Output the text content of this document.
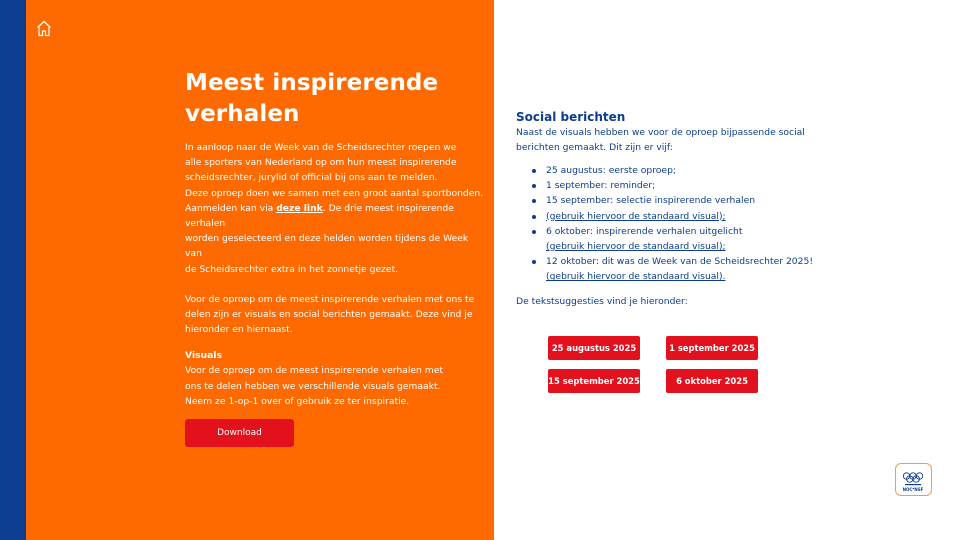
Meest inspirerende
verhalen
In aanloop naar de Week van de Scheidsrechter roepen we
alle sporters van Nederland op om hun meest inspirerende
scheidsrechter, jurylid of official bij ons aan te melden.
Deze oproep doen we samen met een groot aantal sportbonden.
Aanmelden kan via deze link. De drie meest inspirerende verhalen
worden geselecteerd en deze helden worden tijdens de Week van
de Scheidsrechter extra in het zonnetje gezet.
Voor de oproep om de meest inspirerende verhalen met ons te
delen zijn er visuals en social berichten gemaakt. Deze vind je
hieronder en hiernaast.
Visuals
Voor de oproep om de meest inspirerende verhalen met
ons te delen hebben we verschillende visuals gemaakt.
Neem ze 1-op-1 over of gebruik ze ter inspiratie.
Download
Social berichten
Naast de visuals hebben we voor de oproep bijpassende social
berichten gemaakt. Dit zijn er vijf:
25 augustus: eerste oproep;
1 september: reminder;
15 september: selectie inspirerende verhalen
(gebruik hiervoor de standaard visual);
6 oktober: inspirerende verhalen uitgelicht
(gebruik hiervoor de standaard visual);
12 oktober: dit was de Week van de Scheidsrechter 2025!
(gebruik hiervoor de standaard visual).
De tekstsuggesties vind je hieronder:
25 augustus 2025	1 september 2025
15 september 2025	6 oktober 2025
NOC*NSF
